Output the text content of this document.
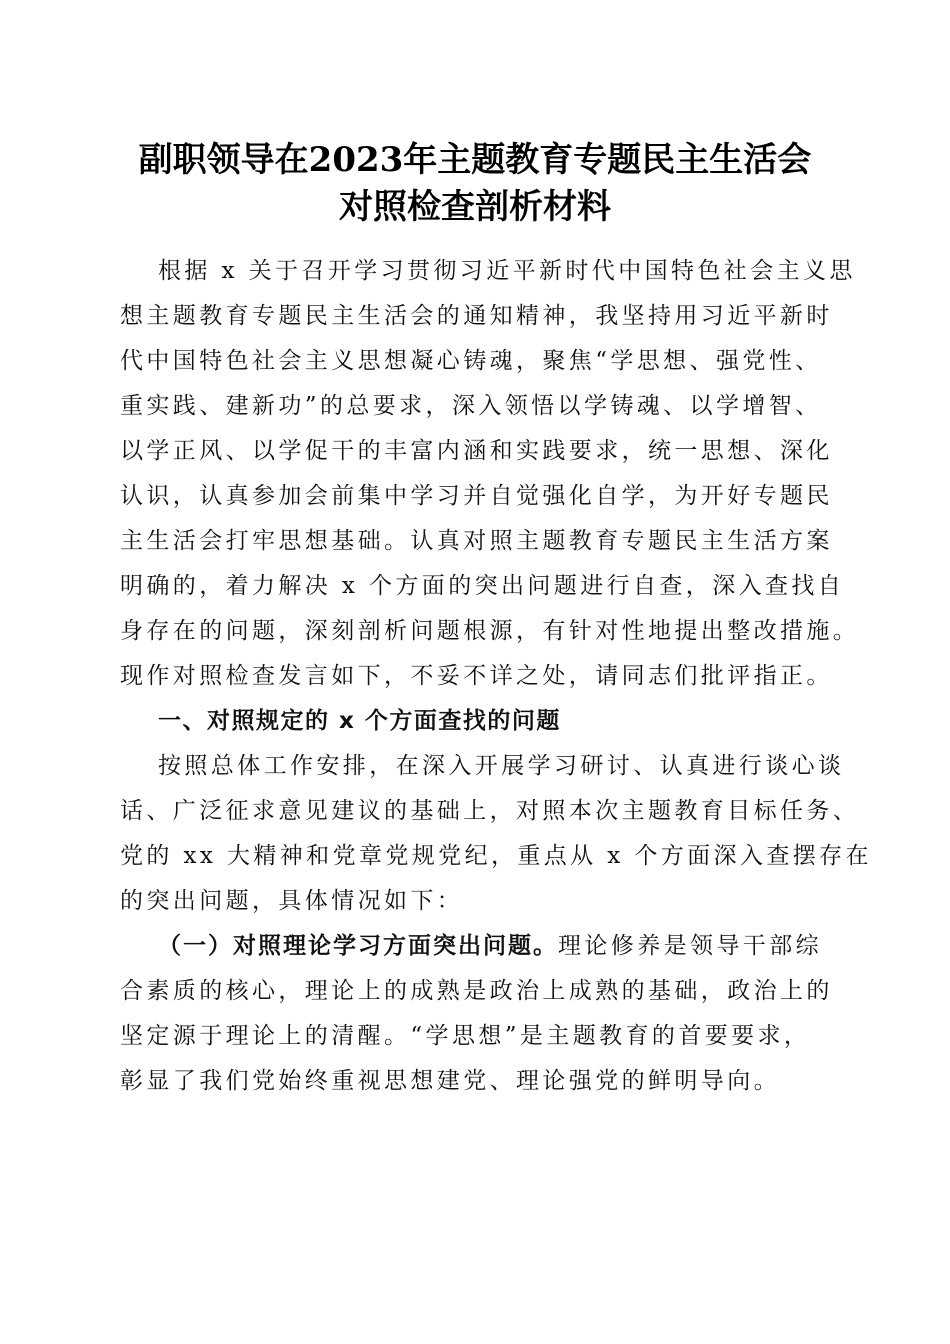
副职领导在2023年主题教育专题民主生活会
对照检查剖析材料
根据 x 关于召开学习贯彻习近平新时代中国特色社会主义思
想主题教育专题民主生活会的通知精神，我坚持用习近平新时
代中国特色社会主义思想凝心铸魂，聚焦“学思想、强党性、
重实践、建新功”的总要求，深入领悟以学铸魂、以学增智、
以学正风、以学促干的丰富内涵和实践要求，统一思想、深化
认识，认真参加会前集中学习并自觉强化自学，为开好专题民
主生活会打牢思想基础。认真对照主题教育专题民主生活方案
明确的，着力解决 x 个方面的突出问题进行自查，深入查找自
身存在的问题，深刻剖析问题根源，有针对性地提出整改措施。
现作对照检查发言如下，不妥不详之处，请同志们批评指正。
一、对照规定的 x 个方面查找的问题
按照总体工作安排，在深入开展学习研讨、认真进行谈心谈
话、广泛征求意见建议的基础上，对照本次主题教育目标任务、
党的 xx 大精神和党章党规党纪，重点从 x 个方面深入查摆存在
的突出问题，具体情况如下：
（一）对照理论学习方面突出问题。理论修养是领导干部综
合素质的核心，理论上的成熟是政治上成熟的基础，政治上的
坚定源于理论上的清醒。“学思想”是主题教育的首要要求，
彰显了我们党始终重视思想建党、理论强党的鲜明导向。
